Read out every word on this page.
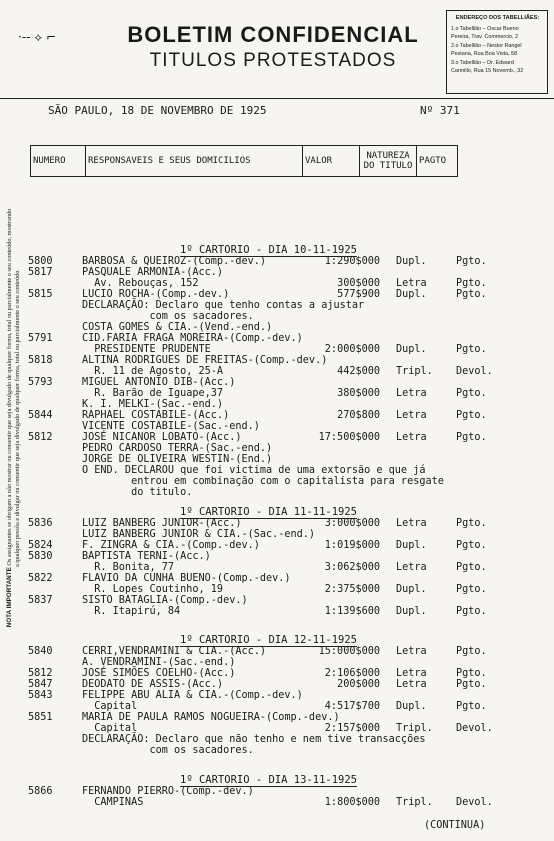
·-- ⟡ ⌐	BOLETIM CONFIDENCIAL
TITULOS PROTESTADOS
ENDEREÇO DOS TABELLIÃES:
1.o Tabellião – Oscar Bueno
Pereira, Trav. Commercio, 2
2.o Tabellião – Nestor Rangel
Pestana, Rua Boa Vista, 58
3.o Tabellião – Dr. Edward
Carmillo, Rua 15 Novemb., 32
NOTA IMPORTANTE Os assignantes se obrigam a não mostrar ou consentir que seja divulgado de qualquer forma, total ou parcialmente o seu conteúdo, mostrando a qualquer pessôa e divulgar ou consentir que seja divulgado de qualquer forma, total ou parcialmente o seu conteúdo.
SÃO PAULO, 18 DE NOVEMBRO DE 1925	Nº 371
NUMERO	RESPONSAVEIS E SEUS DOMICILIOS	VALOR	NATUREZA DO TITULO	PAGTO
1º CARTORIO - DIA 10-11-1925
1º CARTORIO - DIA 11-11-1925
1º CARTORIO - DIA 12-11-1925
1º CARTORIO - DIA 13-11-1925
5800	BARBOSA & QUEIROZ-(Comp.-dev.)	1:290$000 Dupl.	Pgto.
5817	PASQUALE ARMONIA-(Acc.)
Av. Rebouças, 152	300$000 Letra	Pgto.
5815	LUCIO ROCHA-(Comp.-dev.)	577$900 Dupl.	Pgto.
DECLARAÇÃO: Declaro que tenho contas a ajustar
com os sacadores.
COSTA GOMES & CIA.-(Vend.-end.)
5791	CID.FARIA FRAGA MOREIRA-(Comp.-dev.)
PRESIDENTE PRUDENTE	2:000$000 Dupl.	Pgto.
5818	ALTINA RODRIGUES DE FREITAS-(Comp.-dev.)
R. 11 de Agosto, 25-A	442$000 Tripl. Devol.
5793	MIGUEL ANTONIO DIB-(Acc.)
R. Barão de Iguape,37	380$000 Letra	Pgto.
K. I. MELKI-(Sac.-end.)
5844	RAPHAEL COSTABILE-(Acc.)	270$800 Letra	Pgto.
VICENTE COSTABILE-(Sac.-end.)
5812	JOSÉ NICANOR LOBATO-(Acc.)	17:500$000 Letra	Pgto.
PEDRO CARDOSO TERRA-(Sac.-end.)
JORGE DE OLIVEIRA WESTIN-(End.)
O END. DECLAROU que foi victima de uma extorsão e que já
entrou em combinação com o capitalista para resgate
do titulo.
5836	LUIZ BANBERG JUNIOR-(Acc.)	3:000$000 Letra	Pgto.
LUIZ BANBERG JUNIOR & CIA.-(Sac.-end.)
5824	F. ZINGRA & CIA.-(Comp.-dev.)	1:019$000 Dupl.	Pgto.
5830	BAPTISTA TERNI-(Acc.)
R. Bonita, 77	3:062$000 Letra	Pgto.
5822	FLAVIO DA CUNHA BUENO-(Comp.-dev.)
R. Lopes Coutinho, 19	2:375$000 Dupl.	Pgto.
5837	SISTO BATAGLIA-(Comp.-dev.)
R. Itapirú, 84	1:139$600 Dupl.	Pgto.
5840	CERRI,VENDRAMINI & CIA.-(Acc.)	15:000$000 Letra	Pgto.
A. VENDRAMINI-(Sac.-end.)
5812	JOSÉ SIMÕES COELHO-(Acc.)	2:106$000 Letra	Pgto.
5847	DEODATO DE ASSIS-(Acc.)	200$000 Letra	Pgto.
5843	FELIPPE ABU ALIA & CIA.-(Comp.-dev.)
Capital	4:517$700 Dupl.	Pgto.
5851	MARIA DE PAULA RAMOS NOGUEIRA-(Comp.-dev.)
Capital	2:157$000 Tripl. Devol.
DECLARAÇÃO: Declaro que não tenho e nem tive transacções
com os sacadores.
5866	FERNANDO PIERRO-(Comp.-dev.)
CAMPINAS	1:800$000 Tripl. Devol.
(CONTINUA)
